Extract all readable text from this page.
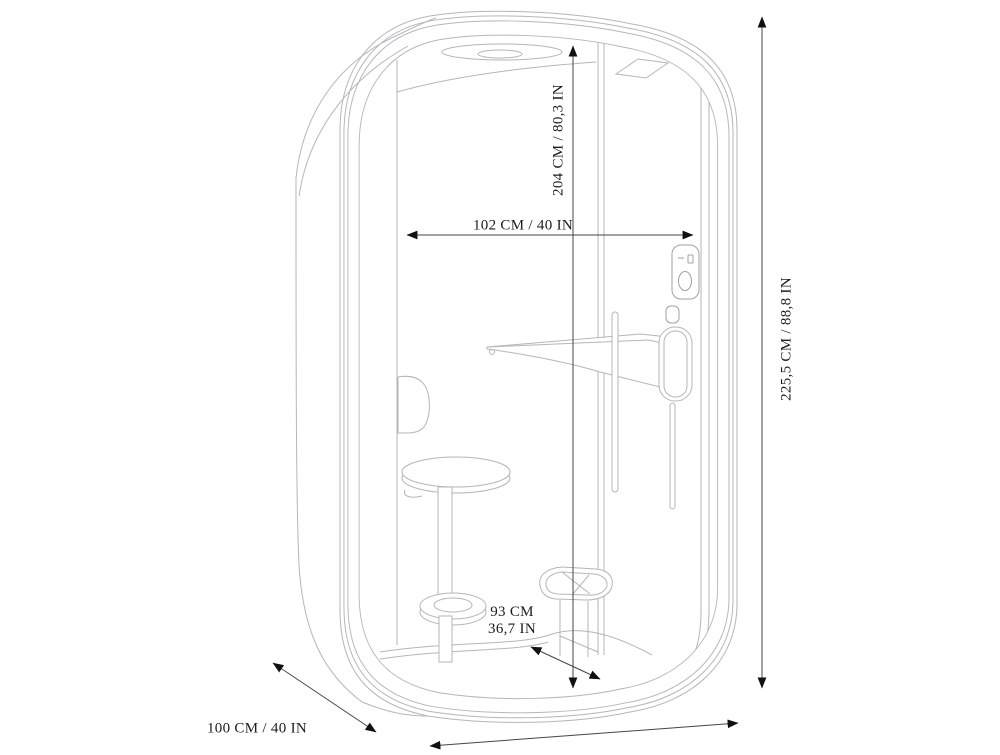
204 CM / 80,3 IN
102 CM / 40 IN
225,5 CM / 88,8 IN
100 CM / 40 IN
93 CM
36,7 IN
